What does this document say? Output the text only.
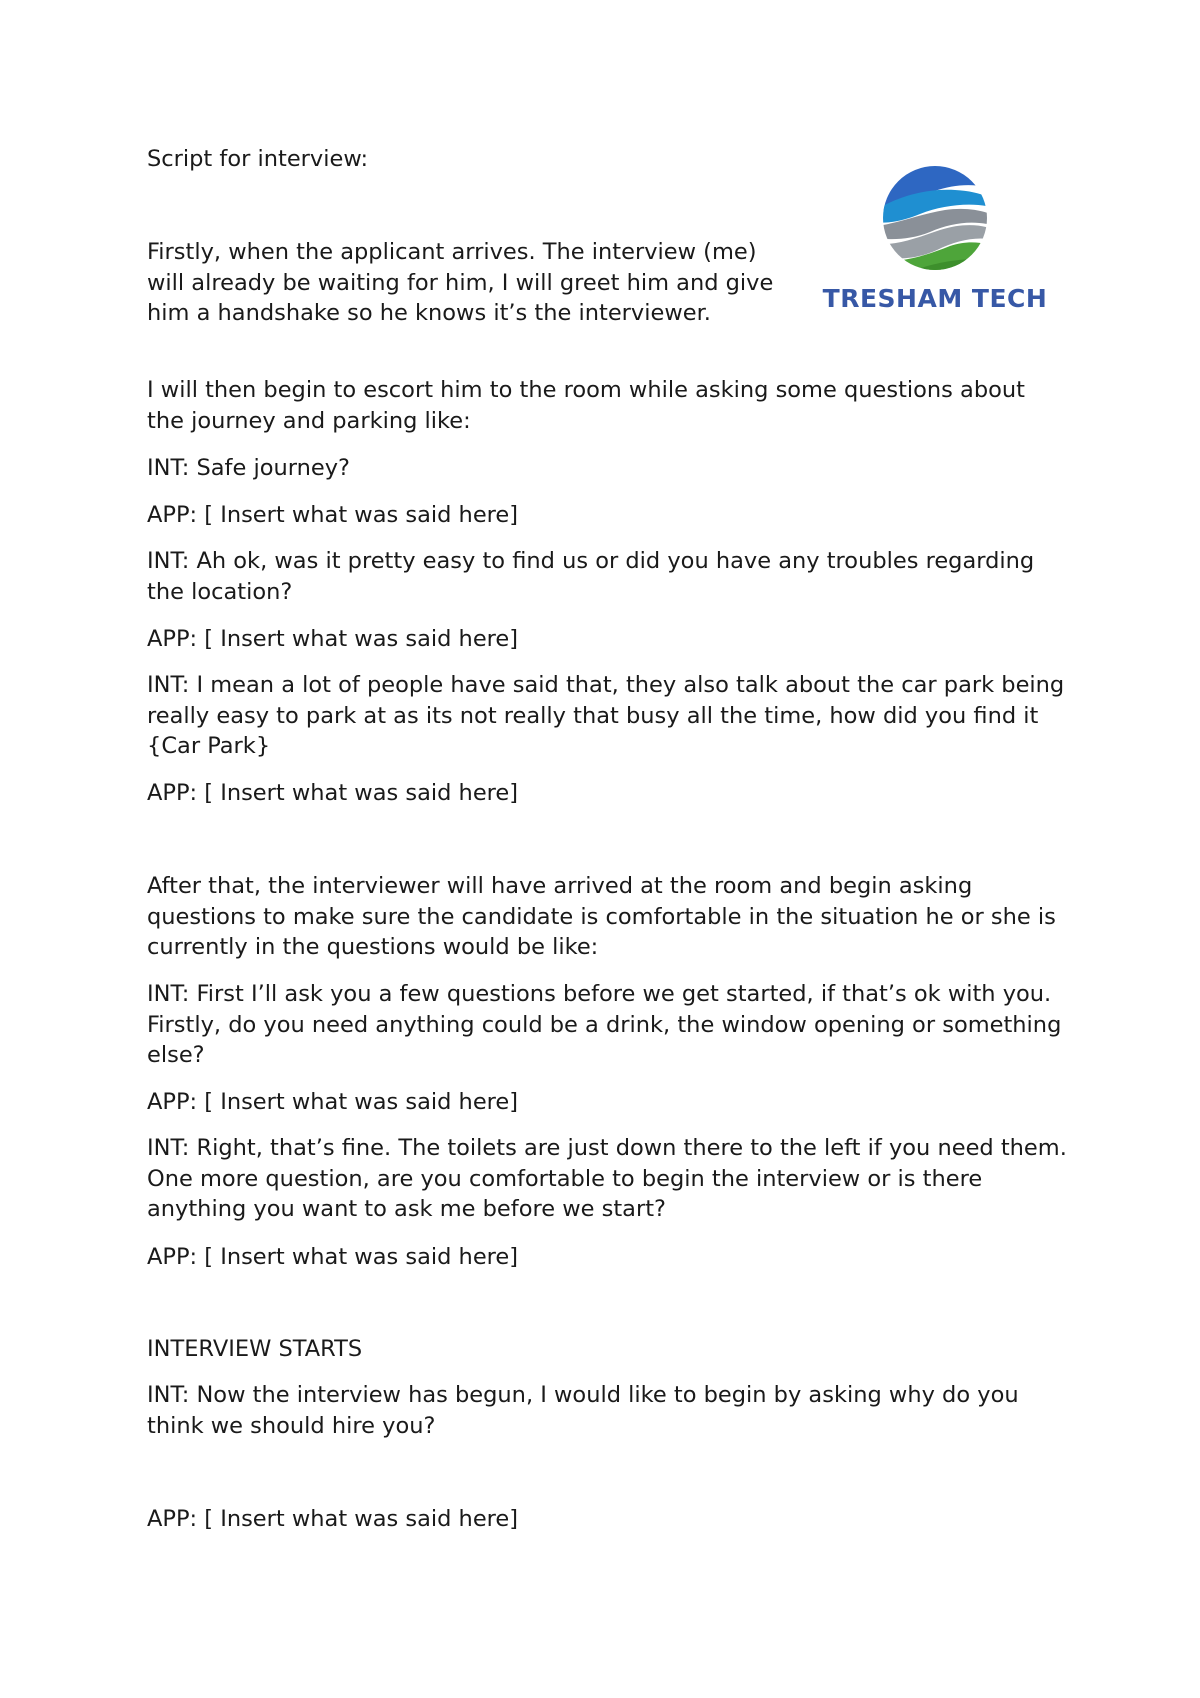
Script for interview:

TRESHAM TECH

Firstly, when the applicant arrives. The interview (me) will already be waiting for him, I will greet him and give him a handshake so he knows it’s the interviewer.

I will then begin to escort him to the room while asking some questions about the journey and parking like:

INT: Safe journey?

APP: [ Insert what was said here]

INT: Ah ok, was it pretty easy to find us or did you have any troubles regarding the location?

APP: [ Insert what was said here]

INT: I mean a lot of people have said that, they also talk about the car park being really easy to park at as its not really that busy all the time, how did you find it {Car Park}

APP: [ Insert what was said here]

After that, the interviewer will have arrived at the room and begin asking questions to make sure the candidate is comfortable in the situation he or she is currently in the questions would be like:

INT: First I’ll ask you a few questions before we get started, if that’s ok with you. Firstly, do you need anything could be a drink, the window opening or something else?

APP: [ Insert what was said here]

INT: Right, that’s fine. The toilets are just down there to the left if you need them. One more question, are you comfortable to begin the interview or is there anything you want to ask me before we start?

APP: [ Insert what was said here]

INTERVIEW STARTS

INT: Now the interview has begun, I would like to begin by asking why do you think we should hire you?

APP: [ Insert what was said here]
